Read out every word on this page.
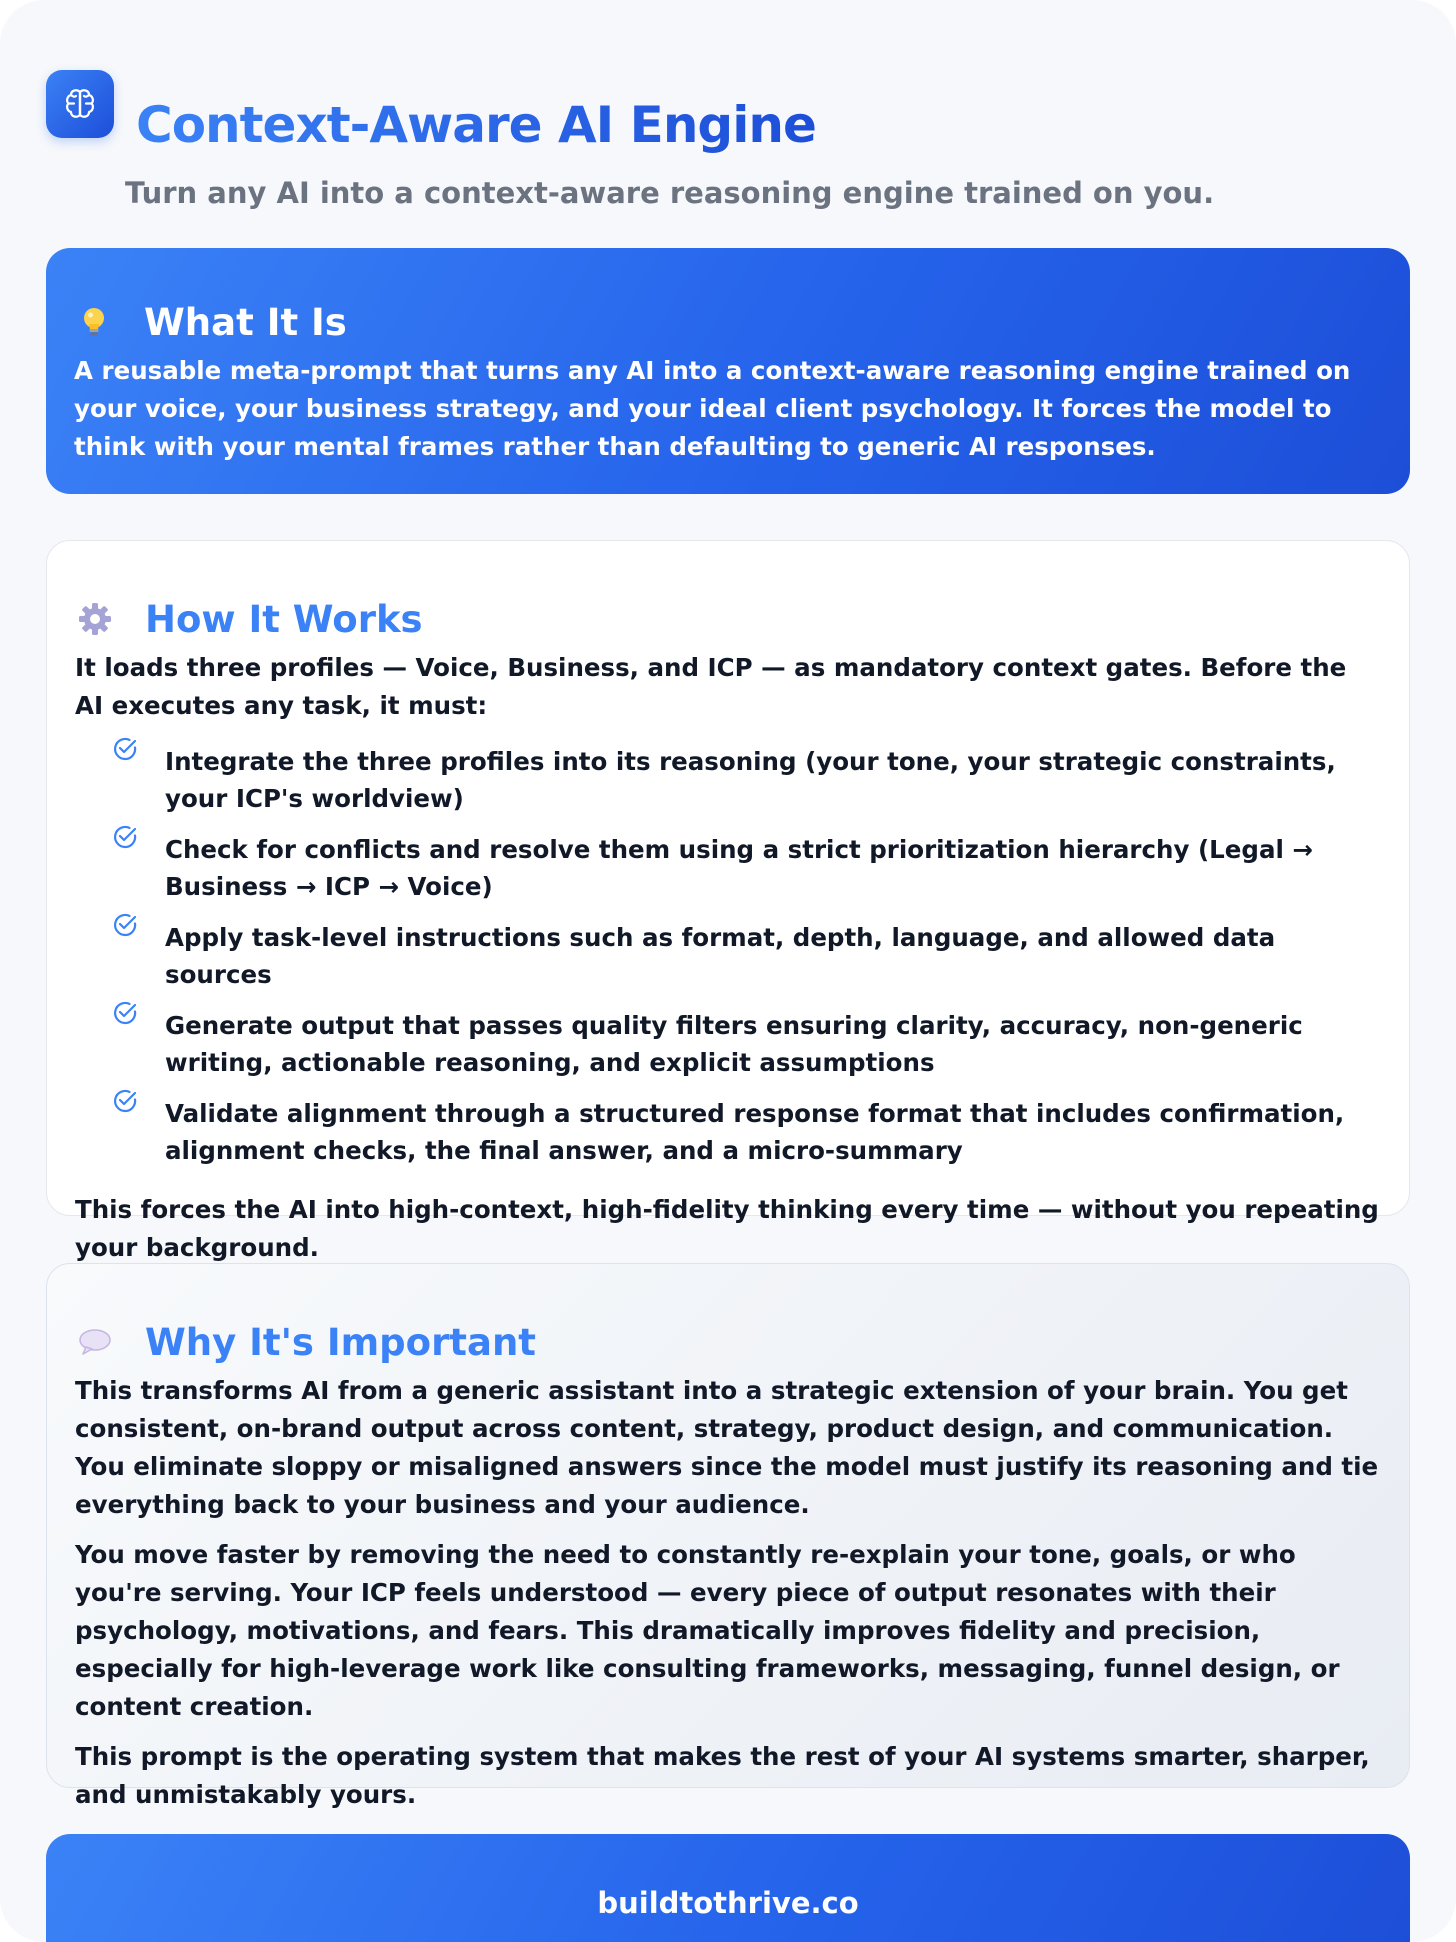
Context-Aware AI Engine

Turn any AI into a context-aware reasoning engine trained on you.

What It Is

A reusable meta-prompt that turns any AI into a context-aware reasoning engine trained on your voice, your business strategy, and your ideal client psychology. It forces the model to think with your mental frames rather than defaulting to generic AI responses.

How It Works

It loads three profiles — Voice, Business, and ICP — as mandatory context gates. Before the AI executes any task, it must:

Integrate the three profiles into its reasoning (your tone, your strategic constraints, your ICP's worldview)
Check for conflicts and resolve them using a strict prioritization hierarchy (Legal → Business → ICP → Voice)
Apply task-level instructions such as format, depth, language, and allowed data sources
Generate output that passes quality filters ensuring clarity, accuracy, non-generic writing, actionable reasoning, and explicit assumptions
Validate alignment through a structured response format that includes confirmation, alignment checks, the final answer, and a micro-summary

This forces the AI into high-context, high-fidelity thinking every time — without you repeating your background.

Why It's Important

This transforms AI from a generic assistant into a strategic extension of your brain. You get consistent, on-brand output across content, strategy, product design, and communication. You eliminate sloppy or misaligned answers since the model must justify its reasoning and tie everything back to your business and your audience.

You move faster by removing the need to constantly re-explain your tone, goals, or who you're serving. Your ICP feels understood — every piece of output resonates with their psychology, motivations, and fears. This dramatically improves fidelity and precision, especially for high-leverage work like consulting frameworks, messaging, funnel design, or content creation.

This prompt is the operating system that makes the rest of your AI systems smarter, sharper, and unmistakably yours.

buildtothrive.co
